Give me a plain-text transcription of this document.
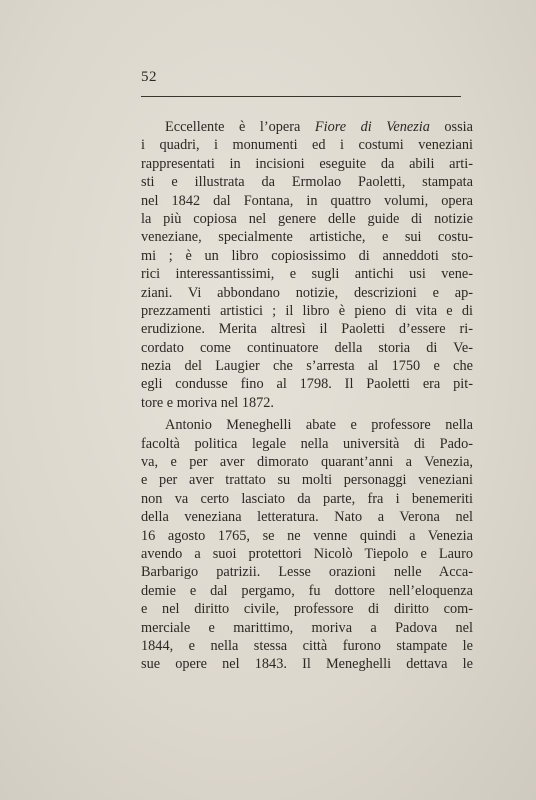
52
Eccellente è l’opera Fiore di Venezia ossia
i quadri, i monumenti ed i costumi veneziani
rappresentati in incisioni eseguite da abili arti-
sti e illustrata da Ermolao Paoletti, stampata
nel 1842 dal Fontana, in quattro volumi, opera
la più copiosa nel genere delle guide di notizie
veneziane, specialmente artistiche, e sui costu-
mi ; è un libro copiosissimo di anneddoti sto-
rici interessantissimi, e sugli antichi usi vene-
ziani. Vi abbondano notizie, descrizioni e ap-
prezzamenti artistici ; il libro è pieno di vita e di
erudizione. Merita altresì il Paoletti d’essere ri-
cordato come continuatore della storia di Ve-
nezia del Laugier che s’arresta al 1750 e che
egli condusse fino al 1798. Il Paoletti era pit-
tore e moriva nel 1872.
Antonio Meneghelli abate e professore nella
facoltà politica legale nella università di Pado-
va, e per aver dimorato quarant’anni a Venezia,
e per aver trattato su molti personaggi veneziani
non va certo lasciato da parte, fra i benemeriti
della veneziana letteratura. Nato a Verona nel
16 agosto 1765, se ne venne quindi a Venezia
avendo a suoi protettori Nicolò Tiepolo e Lauro
Barbarigo patrizii. Lesse orazioni nelle Acca-
demie e dal pergamo, fu dottore nell’eloquenza
e nel diritto civile, professore di diritto com-
merciale e marittimo, moriva a Padova nel
1844, e nella stessa città furono stampate le
sue opere nel 1843. Il Meneghelli dettava le
